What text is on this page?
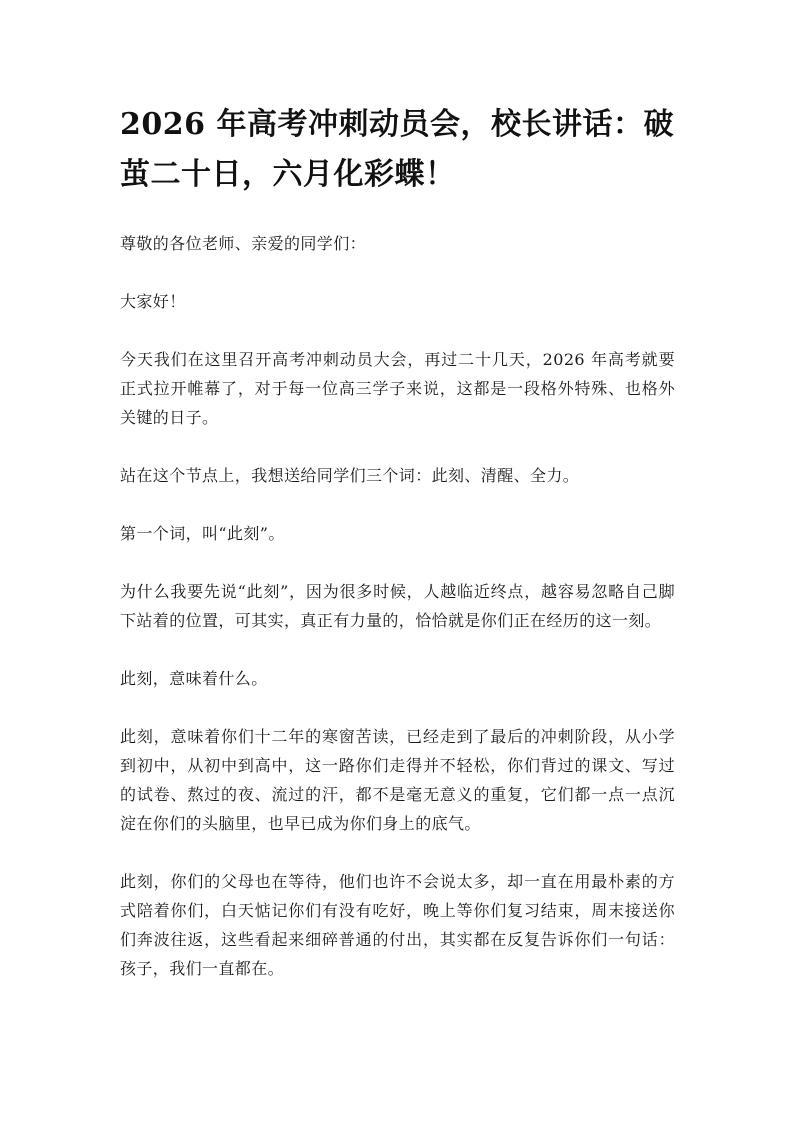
2026 年高考冲刺动员会，校长讲话：破茧二十日，六月化彩蝶！

尊敬的各位老师、亲爱的同学们：

大家好！

今天我们在这里召开高考冲刺动员大会，再过二十几天，2026 年高考就要正式拉开帷幕了，对于每一位高三学子来说，这都是一段格外特殊、也格外关键的日子。

站在这个节点上，我想送给同学们三个词：此刻、清醒、全力。

第一个词，叫“此刻”。

为什么我要先说“此刻”，因为很多时候，人越临近终点，越容易忽略自己脚下站着的位置，可其实，真正有力量的，恰恰就是你们正在经历的这一刻。

此刻，意味着什么。

此刻，意味着你们十二年的寒窗苦读，已经走到了最后的冲刺阶段，从小学到初中，从初中到高中，这一路你们走得并不轻松，你们背过的课文、写过的试卷、熬过的夜、流过的汗，都不是毫无意义的重复，它们都一点一点沉淀在你们的头脑里，也早已成为你们身上的底气。

此刻，你们的父母也在等待，他们也许不会说太多，却一直在用最朴素的方式陪着你们，白天惦记你们有没有吃好，晚上等你们复习结束，周末接送你们奔波往返，这些看起来细碎普通的付出，其实都在反复告诉你们一句话：孩子，我们一直都在。
